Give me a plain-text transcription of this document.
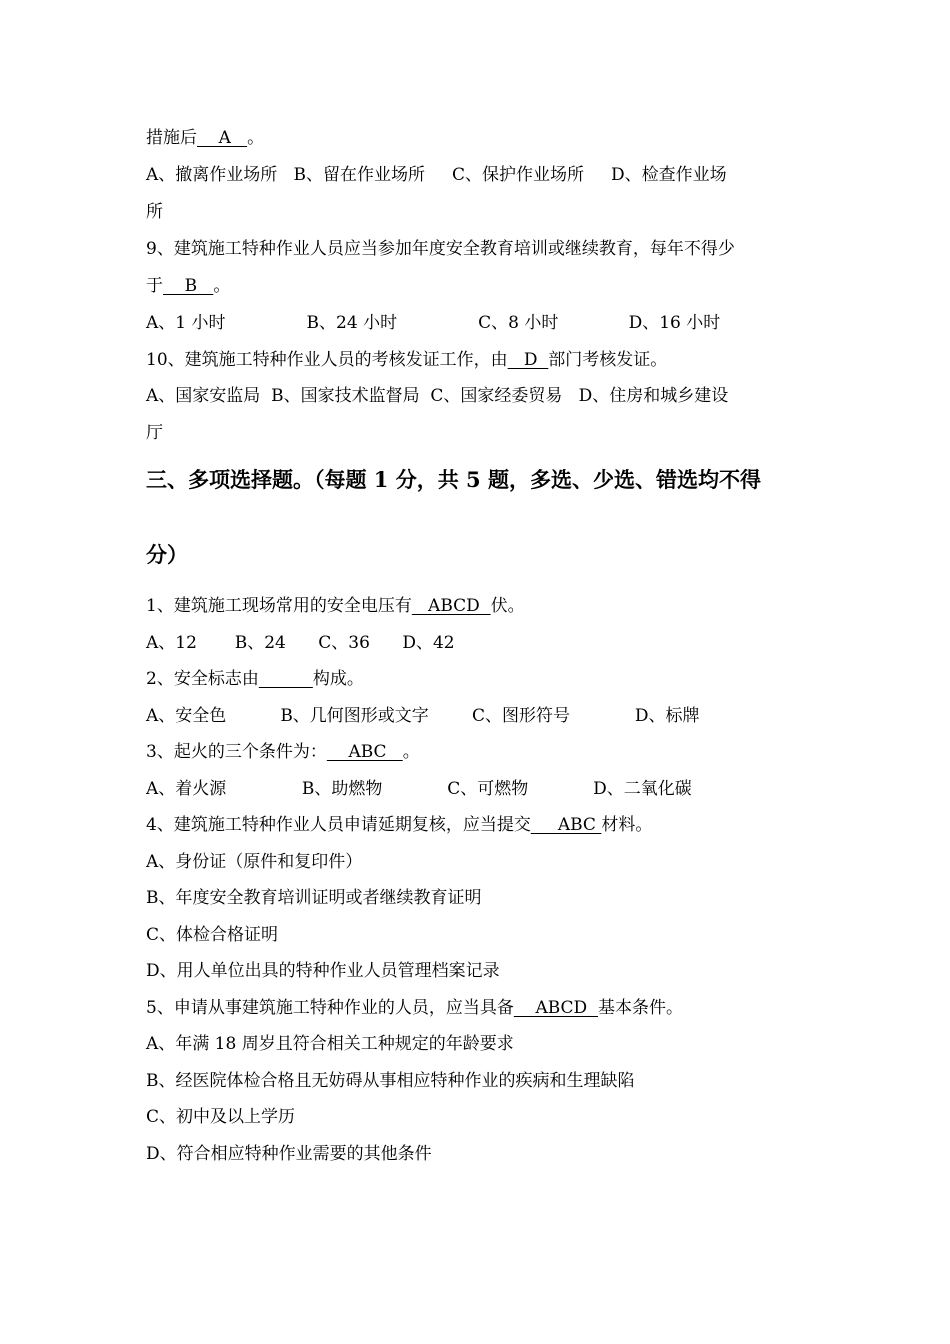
措施后    A   。
A、撤离作业场所   B、留在作业场所     C、保护作业场所     D、检查作业场
所
9、建筑施工特种作业人员应当参加年度安全教育培训或继续教育，每年不得少
于    B   。
A、1 小时               B、24 小时               C、8 小时             D、16 小时
10、建筑施工特种作业人员的考核发证工作，由   D  部门考核发证。
A、国家安监局  B、国家技术监督局  C、国家经委贸易   D、住房和城乡建设
厅
三、多项选择题。（每题 1 分，共 5 题，多选、少选、错选均不得
分）
1、建筑施工现场常用的安全电压有   ABCD  伏。
A、12       B、24      C、36      D、42
2、安全标志由	构成。
A、安全色          B、几何图形或文字        C、图形符号            D、标牌
3、起火的三个条件为：    ABC   。
A、着火源              B、助燃物            C、可燃物            D、二氧化碳
4、建筑施工特种作业人员申请延期复核，应当提交     ABC 材料。
A、身份证（原件和复印件）
B、年度安全教育培训证明或者继续教育证明
C、体检合格证明
D、用人单位出具的特种作业人员管理档案记录
5、申请从事建筑施工特种作业的人员，应当具备    ABCD  基本条件。
A、年满 18 周岁且符合相关工种规定的年龄要求
B、经医院体检合格且无妨碍从事相应特种作业的疾病和生理缺陷
C、初中及以上学历
D、符合相应特种作业需要的其他条件
